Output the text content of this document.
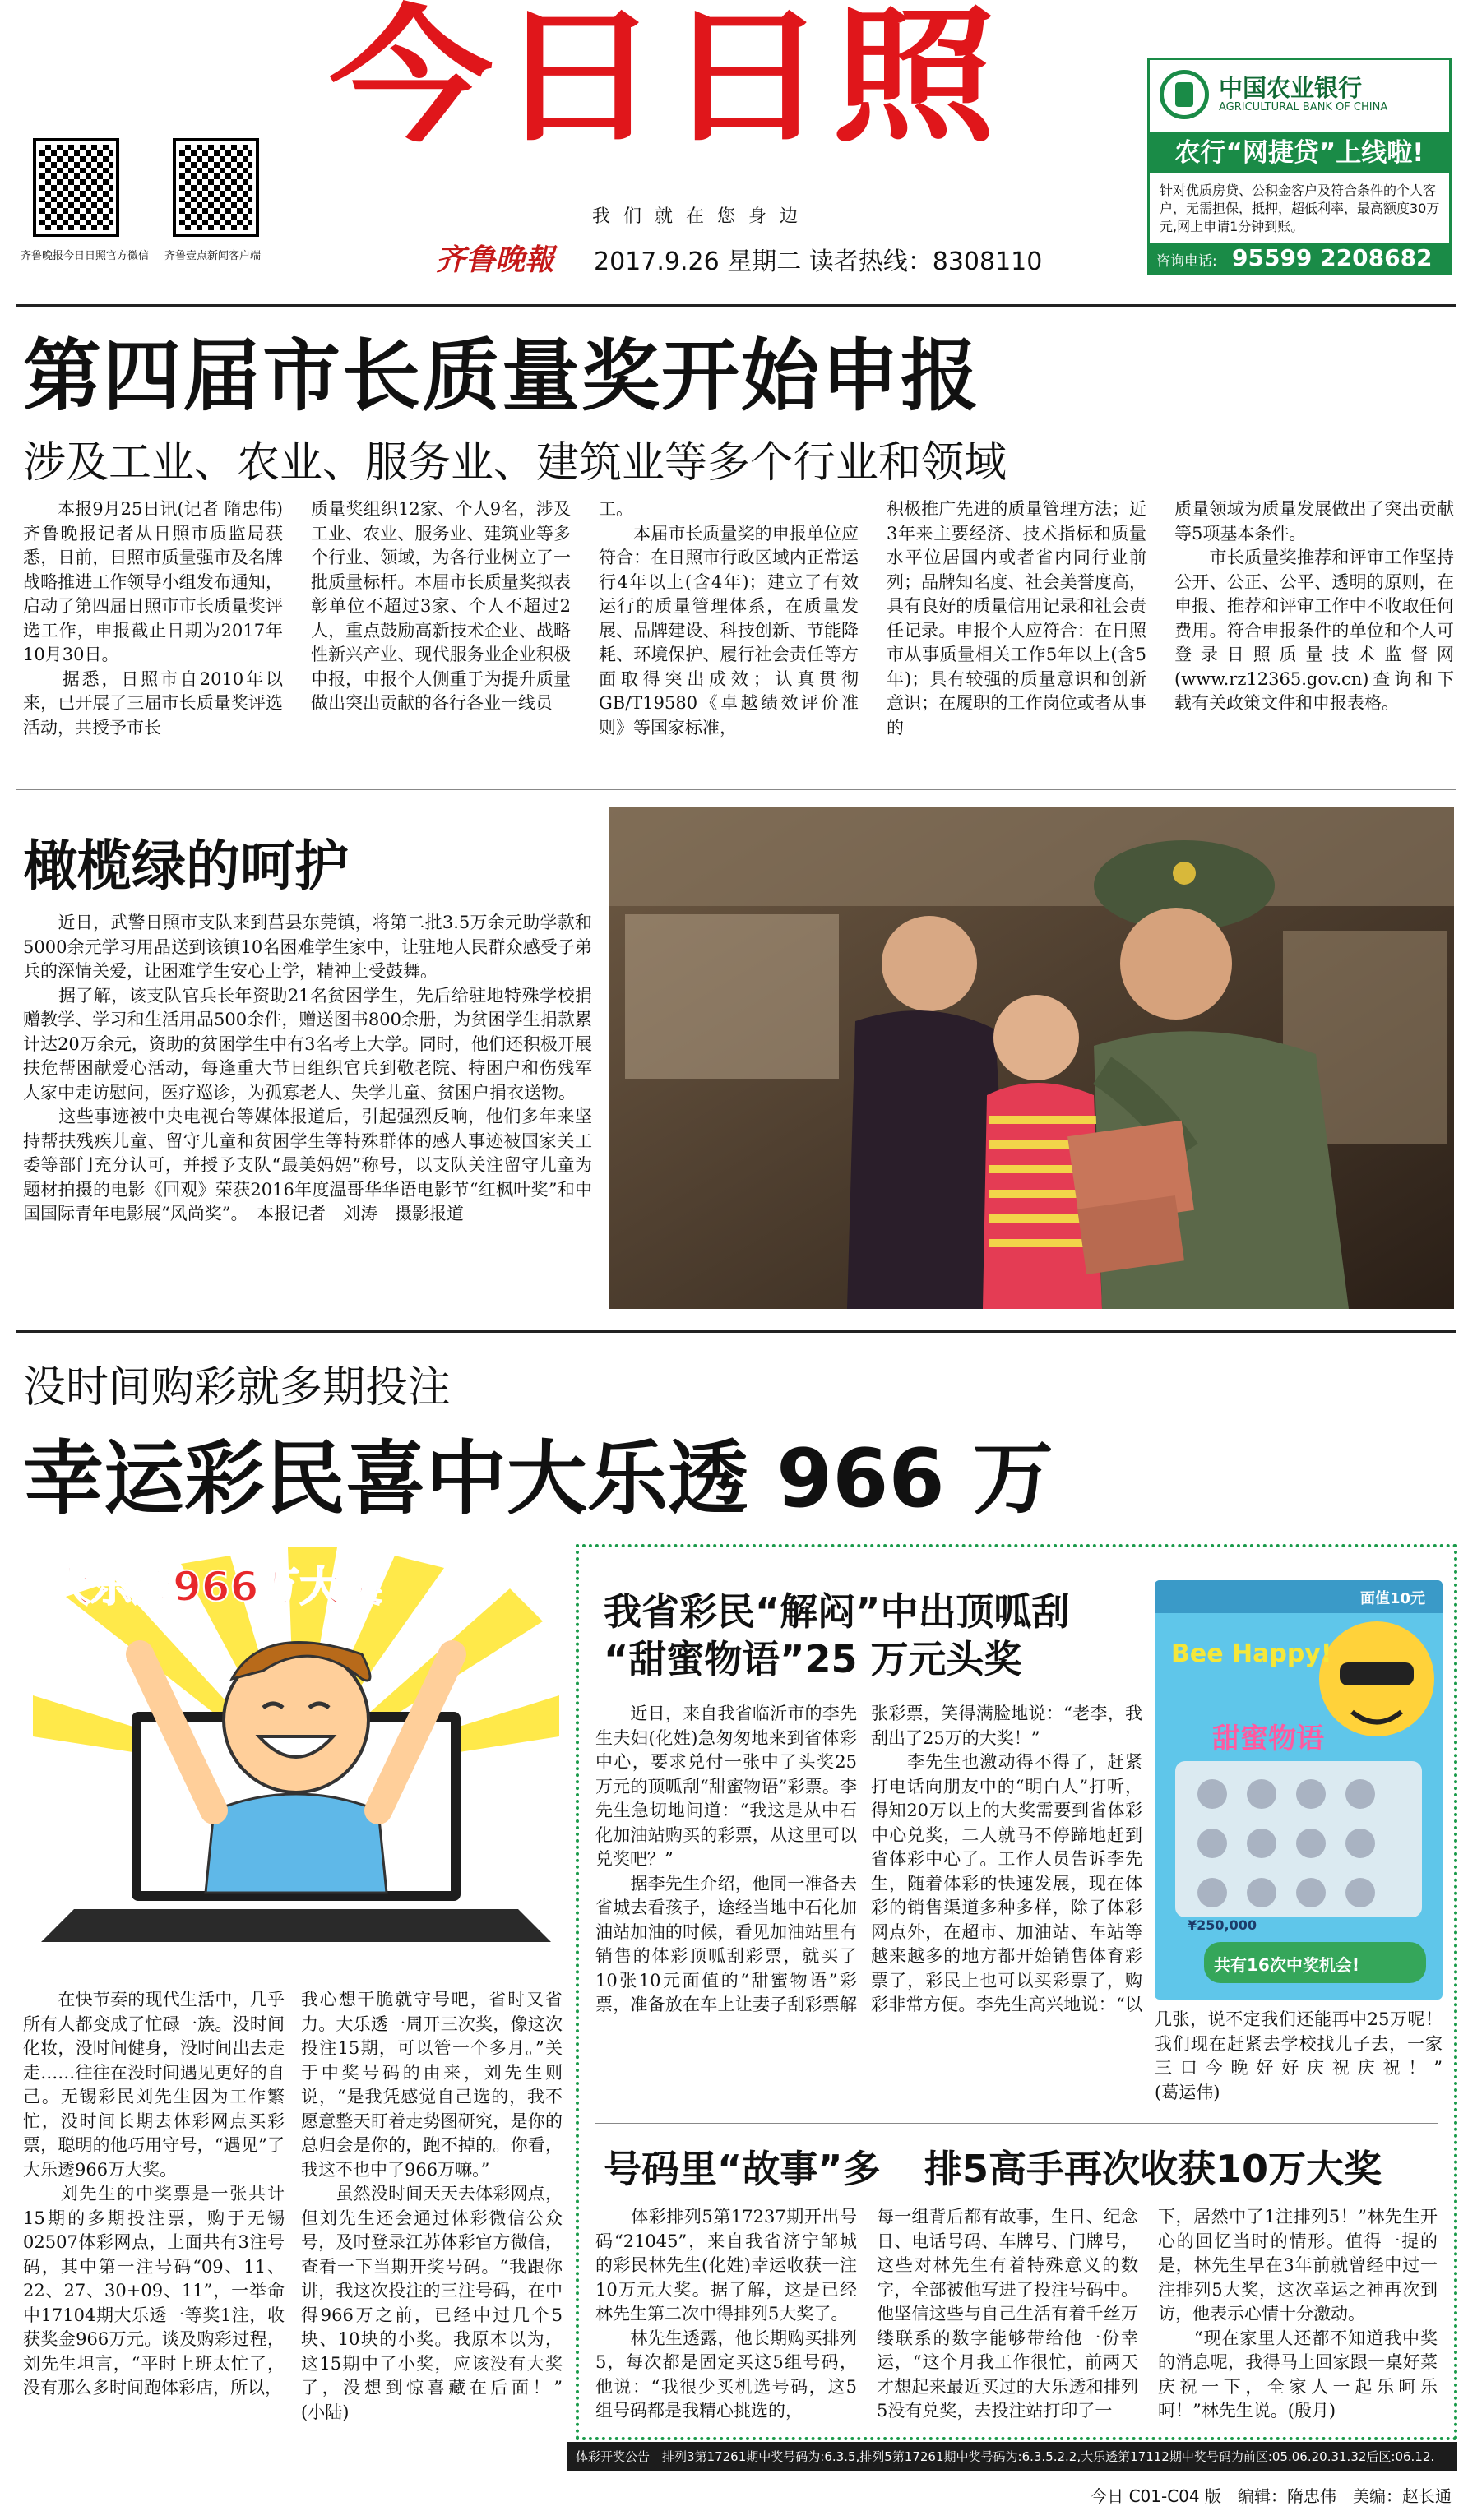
齐鲁晚报今日日照官方微信 齐鲁壹点新闻客户端
今日日照
我们就在您身边
齐鲁晚報 2017.9.26 星期二 读者热线：8308110
中国农业银行
AGRICULTURAL BANK OF CHINA
农行“网捷贷”上线啦!
针对优质房贷、公积金客户及符合条件的个人客户，无需担保，抵押，超低利率，最高额度30万元,网上申请1分钟到账。
咨询电话: 95599 2208682
第四届市长质量奖开始申报
涉及工业、农业、服务业、建筑业等多个行业和领域
　　本报9月25日讯(记者 隋忠伟)　齐鲁晚报记者从日照市质监局获悉，日前，日照市质量强市及名牌战略推进工作领导小组发布通知，启动了第四届日照市市长质量奖评选工作，申报截止日期为2017年10月30日。
　　据悉，日照市自2010年以来，已开展了三届市长质量奖评选活动，共授予市长
质量奖组织12家、个人9名，涉及工业、农业、服务业、建筑业等多个行业、领域，为各行业树立了一批质量标杆。本届市长质量奖拟表彰单位不超过3家、个人不超过2人，重点鼓励高新技术企业、战略性新兴产业、现代服务业企业积极申报，申报个人侧重于为提升质量做出突出贡献的各行各业一线员
工。
　　本届市长质量奖的申报单位应符合：在日照市行政区域内正常运行4年以上(含4年)；建立了有效运行的质量管理体系，在质量发展、品牌建设、科技创新、节能降耗、环境保护、履行社会责任等方面取得突出成效；认真贯彻GB/T19580《卓越绩效评价准则》等国家标准，
积极推广先进的质量管理方法；近3年来主要经济、技术指标和质量水平位居国内或者省内同行业前列；品牌知名度、社会美誉度高，具有良好的质量信用记录和社会责任记录。申报个人应符合：在日照市从事质量相关工作5年以上(含5年)；具有较强的质量意识和创新意识；在履职的工作岗位或者从事的
质量领域为质量发展做出了突出贡献等5项基本条件。
　　市长质量奖推荐和评审工作坚持公开、公正、公平、透明的原则，在申报、推荐和评审工作中不收取任何费用。符合申报条件的单位和个人可登录日照质量技术监督网(www.rz12365.gov.cn)查询和下载有关政策文件和申报表格。
橄榄绿的呵护
　　近日，武警日照市支队来到莒县东莞镇，将第二批3.5万余元助学款和5000余元学习用品送到该镇10名困难学生家中，让驻地人民群众感受子弟兵的深情关爱，让困难学生安心上学，精神上受鼓舞。
　　据了解，该支队官兵长年资助21名贫困学生，先后给驻地特殊学校捐赠教学、学习和生活用品500余件，赠送图书800余册，为贫困学生捐款累计达20万余元，资助的贫困学生中有3名考上大学。同时，他们还积极开展扶危帮困献爱心活动，每逢重大节日组织官兵到敬老院、特困户和伤残军人家中走访慰问，医疗巡诊，为孤寡老人、失学儿童、贫困户捐衣送物。
　　这些事迹被中央电视台等媒体报道后，引起强烈反响，他们多年来坚持帮扶残疾儿童、留守儿童和贫困学生等特殊群体的感人事迹被国家关工委等部门充分认可，并授予支队“最美妈妈”称号，以支队关注留守儿童为题材拍摄的电影《回观》荣获2016年度温哥华华语电影节“红枫叶奖”和中国国际青年电影展“风尚奖”。　本报记者　刘涛　摄影报道
没时间购彩就多期投注
幸运彩民喜中大乐透 966 万
大乐透966万大奖
　　在快节奏的现代生活中，几乎所有人都变成了忙碌一族。没时间化妆，没时间健身，没时间出去走走……往往在没时间遇见更好的自己。无锡彩民刘先生因为工作繁忙，没时间长期去体彩网点买彩票，聪明的他巧用守号，“遇见”了大乐透966万大奖。
　　刘先生的中奖票是一张共计15期的多期投注票，购于无锡02507体彩网点，上面共有3注号码，其中第一注号码“09、11、22、27、30+09、11”，一举命中17104期大乐透一等奖1注，收获奖金966万元。谈及购彩过程，刘先生坦言，“平时上班太忙了，没有那么多时间跑体彩店，所以，
我心想干脆就守号吧，省时又省力。大乐透一周开三次奖，像这次投注15期，可以管一个多月。”关于中奖号码的由来，刘先生则说，“是我凭感觉自己选的，我不愿意整天盯着走势图研究，是你的总归会是你的，跑不掉的。你看，我这不也中了966万嘛。”
　　虽然没时间天天去体彩网点，但刘先生还会通过体彩微信公众号，及时登录江苏体彩官方微信，查看一下当期开奖号码。“我跟你讲，我这次投注的三注号码，在中得966万之前，已经中过几个5块、10块的小奖。我原本以为，这15期中了小奖，应该没有大奖了，没想到惊喜藏在后面！”　　　　(小陆)
我省彩民“解闷”中出顶呱刮
“甜蜜物语”25 万元头奖
　　近日，来自我省临沂市的李先生夫妇(化姓)急匆匆地来到省体彩中心，要求兑付一张中了头奖25万元的顶呱刮“甜蜜物语”彩票。李先生急切地问道：“我这是从中石化加油站购买的彩票，从这里可以兑奖吧？”
　　据李先生介绍，他同一准备去省城去看孩子，途经当地中石化加油站加油的时候，看见加油站里有销售的体彩顶呱刮彩票，就买了10张10元面值的“甜蜜物语”彩票，准备放在车上让妻子刮彩票解
张彩票，笑得满脸地说：“老李，我刮出了25万的大奖！”
　　李先生也激动得不得了，赶紧打电话向朋友中的“明白人”打听，得知20万以上的大奖需要到省体彩中心兑奖，二人就马不停蹄地赶到省体彩中心了。工作人员告诉李先生，随着体彩的快速发展，现在体彩的销售渠道多种多样，除了体彩网点外，在超市、加油站、车站等越来越多的地方都开始销售体育彩票了，彩民上也可以买彩票了，购彩非常方便。李先生高兴地说：“以
Bee Happy!
甜蜜物语
面值10元
¥250,000
共有16次中奖机会!
几张，说不定我们还能再中25万呢！我们现在赶紧去学校找儿子去，一家三口今晚好好庆祝庆祝！”　　　　(葛运伟)
号码里“故事”多 排5高手再次收获10万大奖
　　体彩排列5第17237期开出号码“21045”，来自我省济宁邹城的彩民林先生(化姓)幸运收获一注10万元大奖。据了解，这是已经林先生第二次中得排列5大奖了。
　　林先生透露，他长期购买排列5，每次都是固定买这5组号码，他说：“我很少买机选号码，这5组号码都是我精心挑选的，
每一组背后都有故事，生日、纪念日、电话号码、车牌号、门牌号，这些对林先生有着特殊意义的数字，全部被他写进了投注号码中。他坚信这些与自己生活有着千丝万缕联系的数字能够带给他一份幸运，“这个月我工作很忙，前两天才想起来最近买过的大乐透和排列5没有兑奖，去投注站打印了一
下，居然中了1注排列5！”林先生开心的回忆当时的情形。值得一提的是，林先生早在3年前就曾经中过一注排列5大奖，这次幸运之神再次到访，他表示心情十分激动。
　　“现在家里人还都不知道我中奖的消息呢，我得马上回家跟一桌好菜庆祝一下，全家人一起乐呵乐呵！”林先生说。(殷月)
体彩开奖公告　排列3第17261期中奖号码为:6.3.5,排列5第17261期中奖号码为:6.3.5.2.2,大乐透第17112期中奖号码为前区:05.06.20.31.32后区:06.12.
今日 C01-C04 版　编辑：隋忠伟　美编：赵长通
